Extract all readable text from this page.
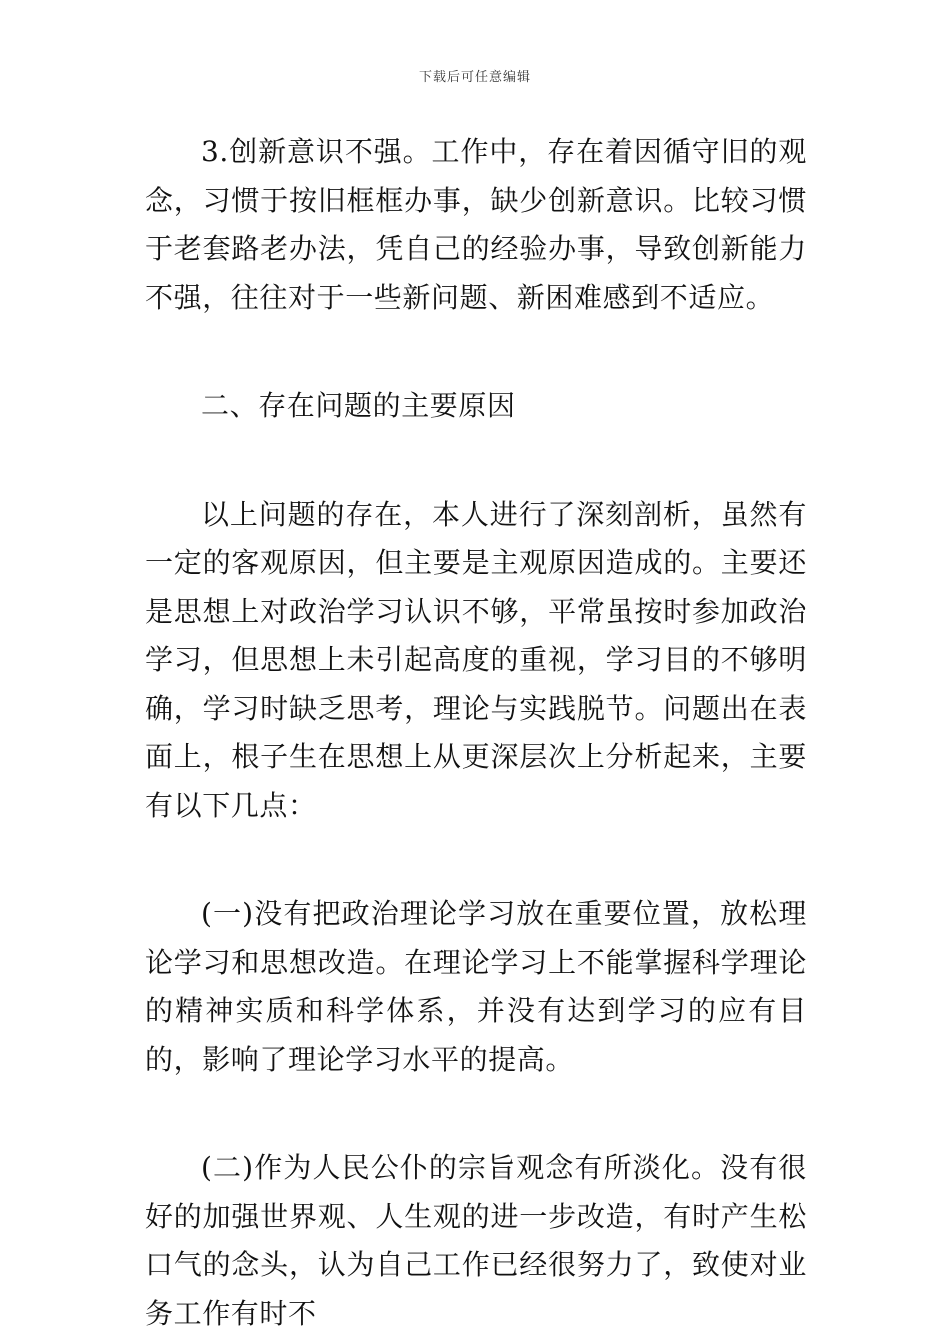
下载后可任意编辑

3.创新意识不强。工作中，存在着因循守旧的观念，习惯于按旧框框办事，缺少创新意识。比较习惯于老套路老办法，凭自己的经验办事，导致创新能力不强，往往对于一些新问题、新困难感到不适应。

二、存在问题的主要原因

以上问题的存在，本人进行了深刻剖析，虽然有一定的客观原因，但主要是主观原因造成的。主要还是思想上对政治学习认识不够，平常虽按时参加政治学习，但思想上未引起高度的重视，学习目的不够明确，学习时缺乏思考，理论与实践脱节。问题出在表面上，根子生在思想上从更深层次上分析起来，主要有以下几点：

(一)没有把政治理论学习放在重要位置，放松理论学习和思想改造。在理论学习上不能掌握科学理论的精神实质和科学体系，并没有达到学习的应有目的，影响了理论学习水平的提高。

(二)作为人民公仆的宗旨观念有所淡化。没有很好的加强世界观、人生观的进一步改造，有时产生松口气的念头，认为自己工作已经很努力了，致使对业务工作有时不
